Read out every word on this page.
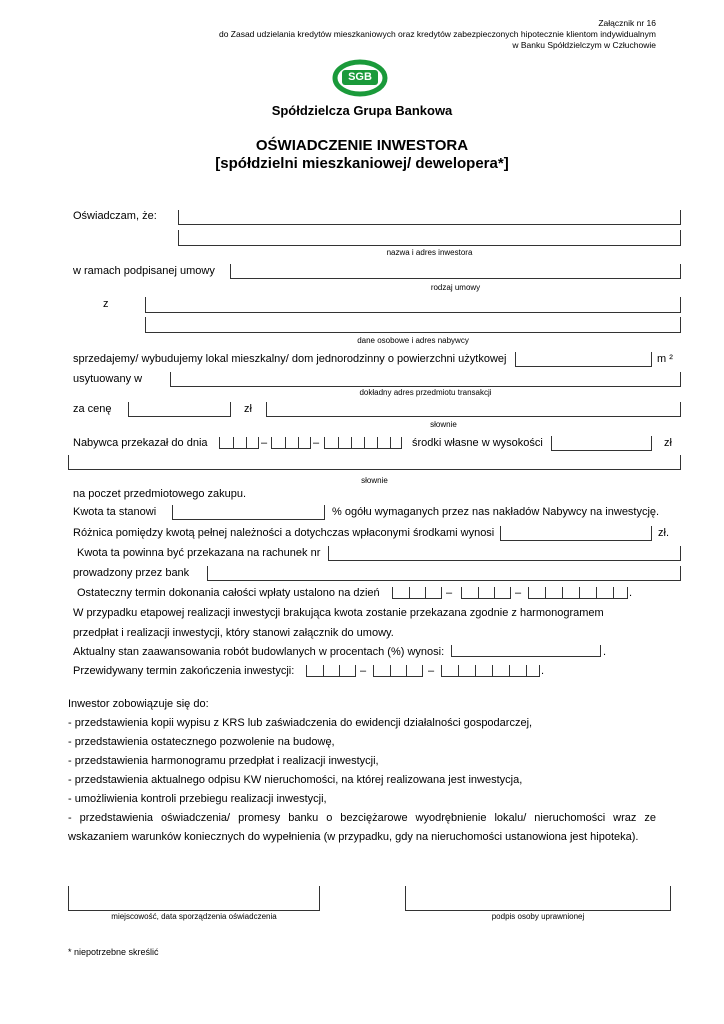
Załącznik nr 16
do Zasad udzielania kredytów mieszkaniowych oraz kredytów zabezpieczonych hipotecznie klientom indywidualnym
w Banku Spółdzielczym w Człuchowie
SGB
Spółdzielcza Grupa Bankowa
OŚWIADCZENIE INWESTORA
[spółdzielni mieszkaniowej/ dewelopera*]
Oświadczam, że:
nazwa i adres inwestora
w ramach podpisanej umowy
rodzaj umowy
z
dane osobowe i adres nabywcy
sprzedajemy/ wybudujemy lokal mieszkalny/ dom jednorodzinny o powierzchni użytkowej	m ²
usytuowany w
dokładny adres przedmiotu transakcji
za cenę	zł
słownie
Nabywca przekazał do dnia	–	–	środki własne w wysokości	zł
słownie
na poczet przedmiotowego zakupu.
Kwota ta stanowi	% ogółu wymaganych przez nas nakładów Nabywcy na inwestycję.
Różnica pomiędzy kwotą pełnej należności a dotychczas wpłaconymi środkami wynosi	zł.
Kwota ta powinna być przekazana na rachunek nr
prowadzony przez bank
Ostateczny termin dokonania całości wpłaty ustalono na dzień	–	–	.
W przypadku etapowej realizacji inwestycji brakująca kwota zostanie przekazana zgodnie z harmonogramem
przedpłat i realizacji inwestycji, który stanowi załącznik do umowy.
Aktualny stan zaawansowania robót budowlanych w procentach (%) wynosi:	.
Przewidywany termin zakończenia inwestycji:	–	–	.
Inwestor zobowiązuje się do:
- przedstawienia kopii wypisu z KRS lub zaświadczenia do ewidencji działalności gospodarczej,
- przedstawienia ostatecznego pozwolenie na budowę,
- przedstawienia harmonogramu przedpłat i realizacji inwestycji,
- przedstawienia aktualnego odpisu KW nieruchomości, na której realizowana jest inwestycja,
- umożliwienia kontroli przebiegu realizacji inwestycji,
- przedstawienia oświadczenia/ promesy banku o bezciężarowe wyodrębnienie lokalu/ nieruchomości wraz ze
wskazaniem warunków koniecznych do wypełnienia (w przypadku, gdy na nieruchomości ustanowiona jest hipoteka).
miejscowość, data sporządzenia oświadczenia	podpis osoby uprawnionej
* niepotrzebne skreślić
